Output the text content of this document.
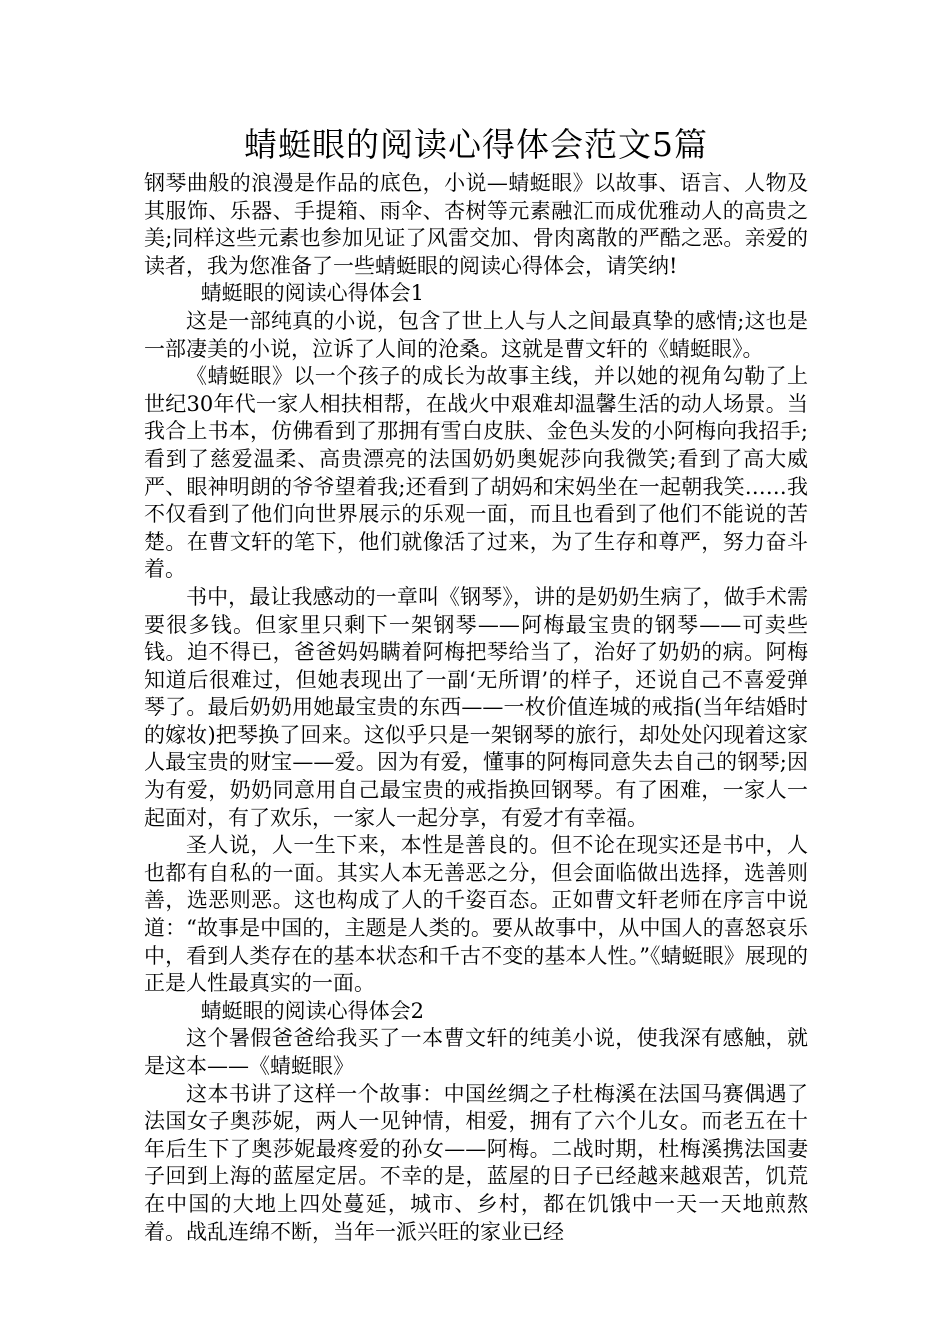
蜻蜓眼的阅读心得体会范文5篇

钢琴曲般的浪漫是作品的底色，小说—蜻蜓眼》以故事、语言、人物及其服饰、乐器、手提箱、雨伞、杏树等元素融汇而成优雅动人的高贵之美;同样这些元素也参加见证了风雷交加、骨肉离散的严酷之恶。亲爱的读者，我为您准备了一些蜻蜓眼的阅读心得体会，请笑纳!

蜻蜓眼的阅读心得体会1

这是一部纯真的小说，包含了世上人与人之间最真挚的感情;这也是一部凄美的小说，泣诉了人间的沧桑。这就是曹文轩的《蜻蜓眼》。

《蜻蜓眼》以一个孩子的成长为故事主线，并以她的视角勾勒了上世纪30年代一家人相扶相帮，在战火中艰难却温馨生活的动人场景。当我合上书本，仿佛看到了那拥有雪白皮肤、金色头发的小阿梅向我招手;看到了慈爱温柔、高贵漂亮的法国奶奶奥妮莎向我微笑;看到了高大威严、眼神明朗的爷爷望着我;还看到了胡妈和宋妈坐在一起朝我笑……我不仅看到了他们向世界展示的乐观一面，而且也看到了他们不能说的苦楚。在曹文轩的笔下，他们就像活了过来，为了生存和尊严，努力奋斗着。

书中，最让我感动的一章叫《钢琴》，讲的是奶奶生病了，做手术需要很多钱。但家里只剩下一架钢琴——阿梅最宝贵的钢琴——可卖些钱。迫不得已，爸爸妈妈瞒着阿梅把琴给当了，治好了奶奶的病。阿梅知道后很难过，但她表现出了一副‘无所谓’的样子，还说自己不喜爱弹琴了。最后奶奶用她最宝贵的东西——一枚价值连城的戒指(当年结婚时的嫁妆)把琴换了回来。这似乎只是一架钢琴的旅行，却处处闪现着这家人最宝贵的财宝——爱。因为有爱，懂事的阿梅同意失去自己的钢琴;因为有爱，奶奶同意用自己最宝贵的戒指换回钢琴。有了困难，一家人一起面对，有了欢乐，一家人一起分享，有爱才有幸福。

圣人说，人一生下来，本性是善良的。但不论在现实还是书中，人也都有自私的一面。其实人本无善恶之分，但会面临做出选择，选善则善，选恶则恶。这也构成了人的千姿百态。正如曹文轩老师在序言中说道：“故事是中国的，主题是人类的。要从故事中，从中国人的喜怒哀乐中，看到人类存在的基本状态和千古不变的基本人性。”《蜻蜓眼》展现的正是人性最真实的一面。

蜻蜓眼的阅读心得体会2

这个暑假爸爸给我买了一本曹文轩的纯美小说，使我深有感触，就是这本——《蜻蜓眼》

这本书讲了这样一个故事：中国丝绸之子杜梅溪在法国马赛偶遇了法国女子奥莎妮，两人一见钟情，相爱，拥有了六个儿女。而老五在十年后生下了奥莎妮最疼爱的孙女——阿梅。二战时期，杜梅溪携法国妻子回到上海的蓝屋定居。不幸的是，蓝屋的日子已经越来越艰苦，饥荒在中国的大地上四处蔓延，城市、乡村，都在饥饿中一天一天地煎熬着。战乱连绵不断，当年一派兴旺的家业已经
